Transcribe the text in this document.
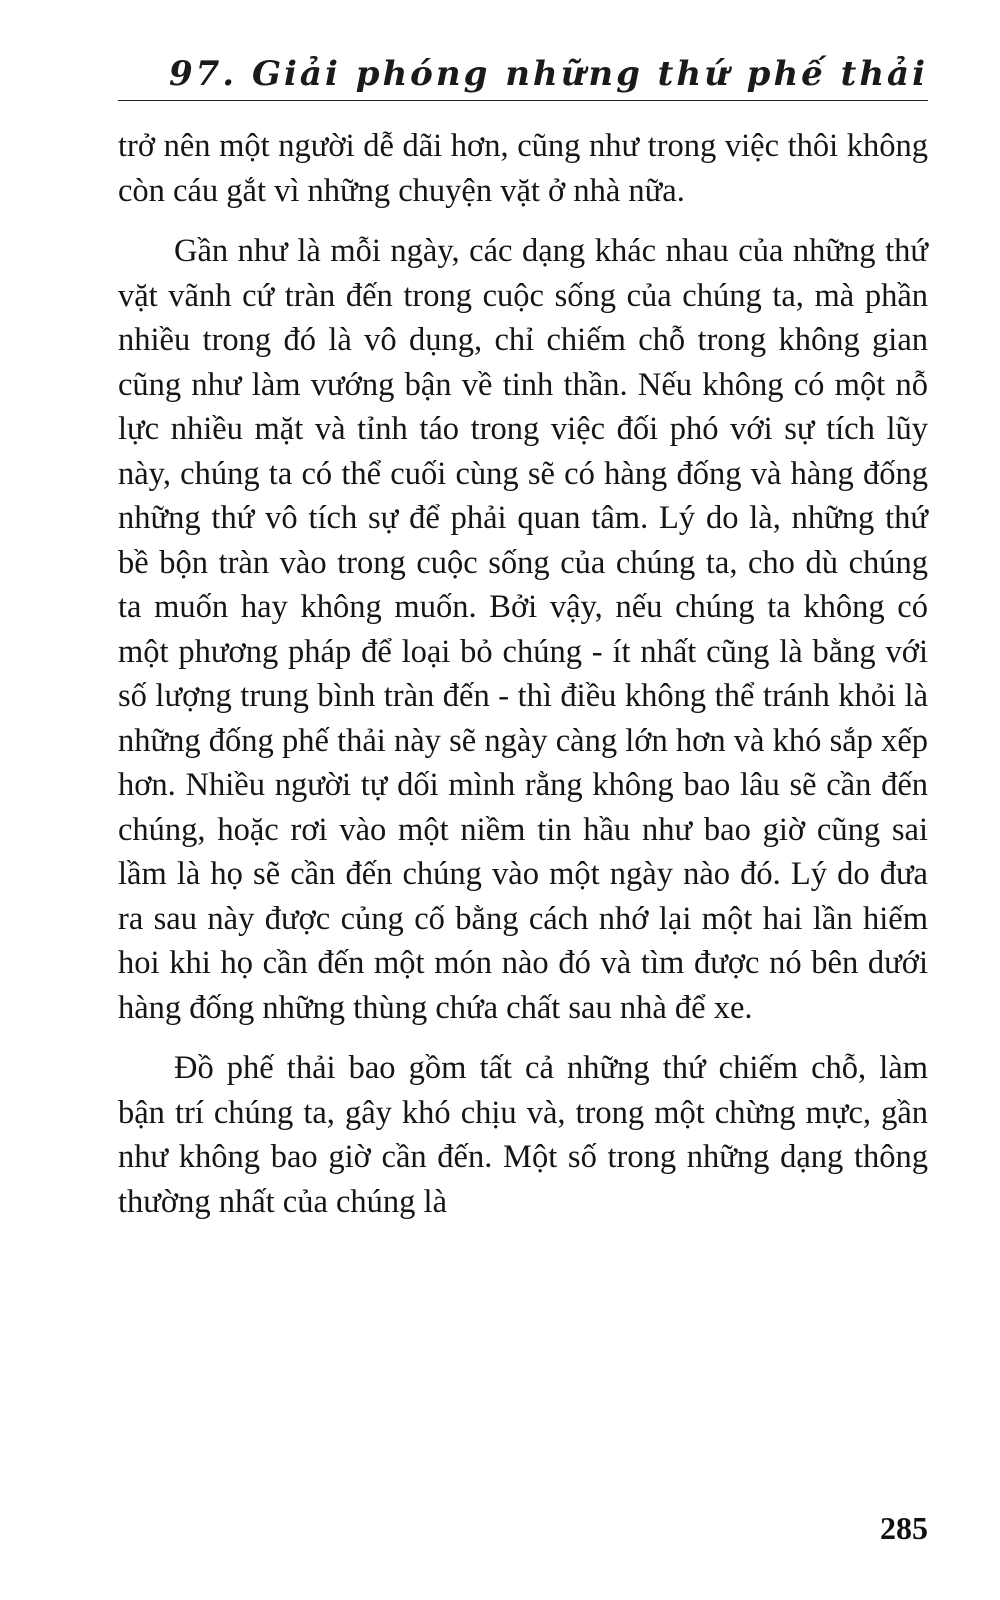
97. Giải phóng những thứ phế thải

trở nên một người dễ dãi hơn, cũng như trong việc thôi không còn cáu gắt vì những chuyện vặt ở nhà nữa.

Gần như là mỗi ngày, các dạng khác nhau của những thứ vặt vãnh cứ tràn đến trong cuộc sống của chúng ta, mà phần nhiều trong đó là vô dụng, chỉ chiếm chỗ trong không gian cũng như làm vướng bận về tinh thần. Nếu không có một nỗ lực nhiều mặt và tỉnh táo trong việc đối phó với sự tích lũy này, chúng ta có thể cuối cùng sẽ có hàng đống và hàng đống những thứ vô tích sự để phải quan tâm. Lý do là, những thứ bề bộn tràn vào trong cuộc sống của chúng ta, cho dù chúng ta muốn hay không muốn. Bởi vậy, nếu chúng ta không có một phương pháp để loại bỏ chúng - ít nhất cũng là bằng với số lượng trung bình tràn đến - thì điều không thể tránh khỏi là những đống phế thải này sẽ ngày càng lớn hơn và khó sắp xếp hơn. Nhiều người tự dối mình rằng không bao lâu sẽ cần đến chúng, hoặc rơi vào một niềm tin hầu như bao giờ cũng sai lầm là họ sẽ cần đến chúng vào một ngày nào đó. Lý do đưa ra sau này được củng cố bằng cách nhớ lại một hai lần hiếm hoi khi họ cần đến một món nào đó và tìm được nó bên dưới hàng đống những thùng chứa chất sau nhà để xe.

Đồ phế thải bao gồm tất cả những thứ chiếm chỗ, làm bận trí chúng ta, gây khó chịu và, trong một chừng mực, gần như không bao giờ cần đến. Một số trong những dạng thông thường nhất của chúng là

285
